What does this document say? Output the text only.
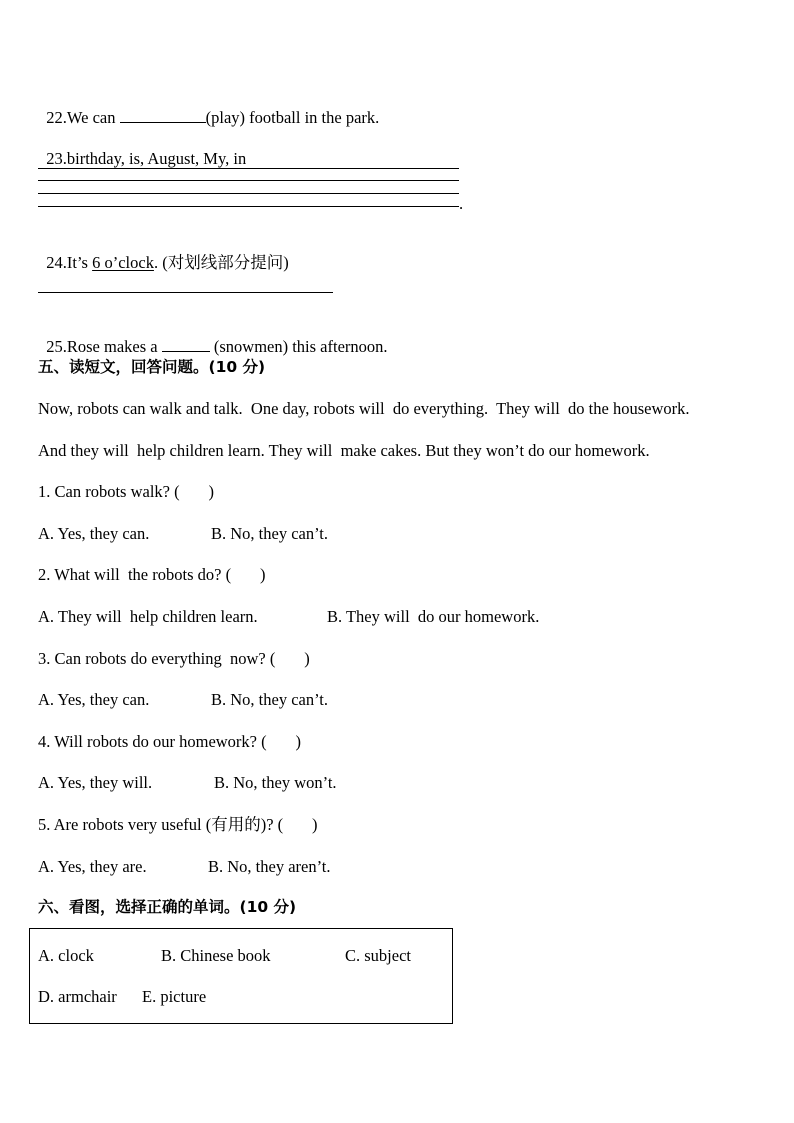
22.We can	(play) football in the park.

23.birthday, is, August, My, in

.

24.It’s 6 o’clock. (对划线部分提问)

25.Rose makes a	(snowmen) this afternoon.

五、读短文，回答问题。(10 分)
Now, robots can walk and talk.  One day, robots will  do everything.  They will  do the housework.
And they will  help children learn. They will  make cakes. But they won’t do our homework.
1. Can robots walk? (       )
A. Yes, they can.	B. No, they can’t.
2. What will  the robots do? (       )
A. They will  help children learn.	B. They will  do our homework.
3. Can robots do everything  now? (       )
A. Yes, they can.	B. No, they can’t.
4. Will robots do our homework? (       )
A. Yes, they will.	B. No, they won’t.
5. Are robots very useful (有用的)? (       )
A. Yes, they are.	B. No, they aren’t.
六、看图，选择正确的单词。(10 分)
A. clock	B. Chinese book	C. subject
D. armchair E. picture
